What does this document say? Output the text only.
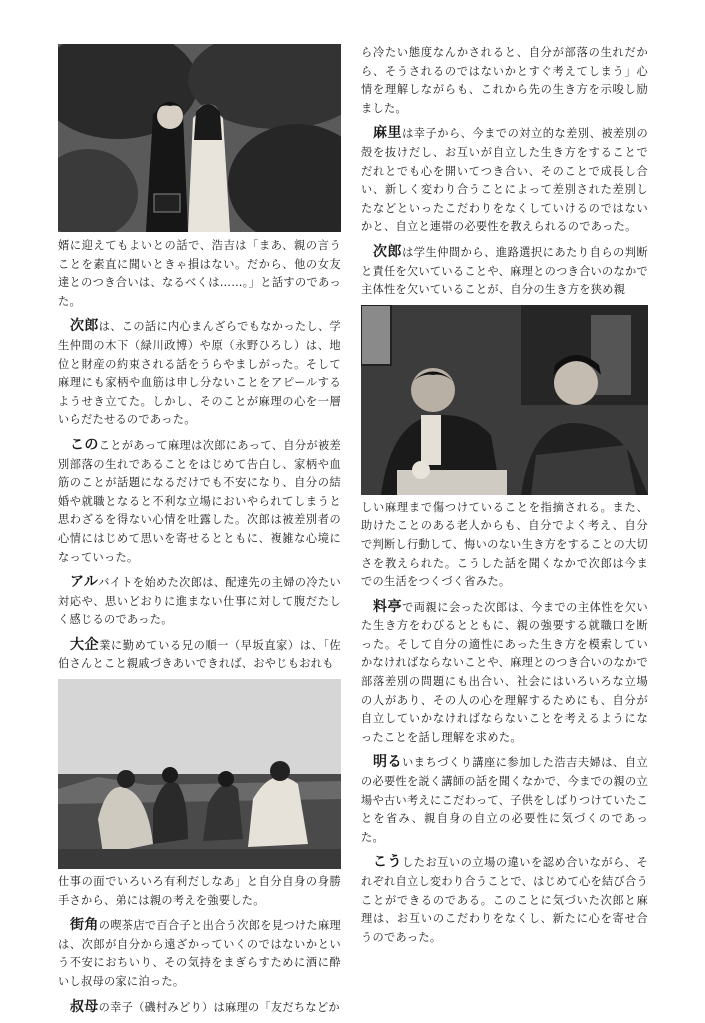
婿に迎えてもよいとの話で、浩吉は「まあ、親の言うことを素直に聞いときゃ損はない。だから、他の女友達とのつき合いは、なるべくは……。」と話すのであった。

次郎は、この話に内心まんざらでもなかったし、学生仲間の木下（緑川政博）や原（永野ひろし）は、地位と財産の約束される話をうらやましがった。そして麻理にも家柄や血筋は申し分ないことをアピールするようせき立てた。しかし、そのことが麻理の心を一層いらだたせるのであった。

このことがあって麻理は次郎にあって、自分が被差別部落の生れであることをはじめて告白し、家柄や血筋のことが話題になるだけでも不安になり、自分の結婚や就職となると不利な立場においやられてしまうと思わざるを得ない心情を吐露した。次郎は被差別者の心情にはじめて思いを寄せるとともに、複雑な心境になっていった。

アルバイトを始めた次郎は、配達先の主婦の冷たい対応や、思いどおりに進まない仕事に対して腹だたしく感じるのであった。

大企業に勤めている兄の順一（早坂直家）は、「佐伯さんとこと親戚づきあいできれば、おやじもおれも

仕事の面でいろいろ有利だしなあ」と自分自身の身勝手さから、弟には親の考えを強要した。

街角の喫茶店で百合子と出合う次郎を見つけた麻理は、次郎が自分から遠ざかっていくのではないかという不安におちいり、その気持をまぎらすために酒に酔いし叔母の家に泊った。

叔母の幸子（磯村みどり）は麻理の「友だちなどか

ら冷たい態度なんかされると、自分が部落の生れだから、そうされるのではないかとすぐ考えてしまう」心情を理解しながらも、これから先の生き方を示唆し励ました。

麻里は幸子から、今までの対立的な差別、被差別の殻を抜けだし、お互いが自立した生き方をすることでだれとでも心を開いてつき合い、そのことで成長し合い、新しく変わり合うことによって差別された差別したなどといったこだわりをなくしていけるのではないかと、自立と連帯の必要性を教えられるのであった。

次郎は学生仲間から、進路選択にあたり自らの判断と責任を欠いていることや、麻理とのつき合いのなかで主体性を欠いていることが、自分の生き方を狭め親

しい麻理まで傷つけていることを指摘される。また、助けたことのある老人からも、自分でよく考え、自分で判断し行動して、悔いのない生き方をすることの大切さを教えられた。こうした話を聞くなかで次郎は今までの生活をつくづく省みた。

料亭で両親に会った次郎は、今までの主体性を欠いた生き方をわびるとともに、親の強要する就職口を断った。そして自分の適性にあった生き方を模索していかなければならないことや、麻理とのつき合いのなかで部落差別の問題にも出合い、社会にはいろいろな立場の人があり、その人の心を理解するためにも、自分が自立していかなければならないことを考えるようになったことを話し理解を求めた。

明るいまちづくり講座に参加した浩吉夫婦は、自立の必要性を説く講師の話を聞くなかで、今までの親の立場や古い考えにこだわって、子供をしばりつけていたことを省み、親自身の自立の必要性に気づくのであった。

こうしたお互いの立場の違いを認め合いながら、それぞれ自立し変わり合うことで、はじめて心を結び合うことができるのである。このことに気づいた次郎と麻理は、お互いのこだわりをなくし、新たに心を寄せ合うのであった。
